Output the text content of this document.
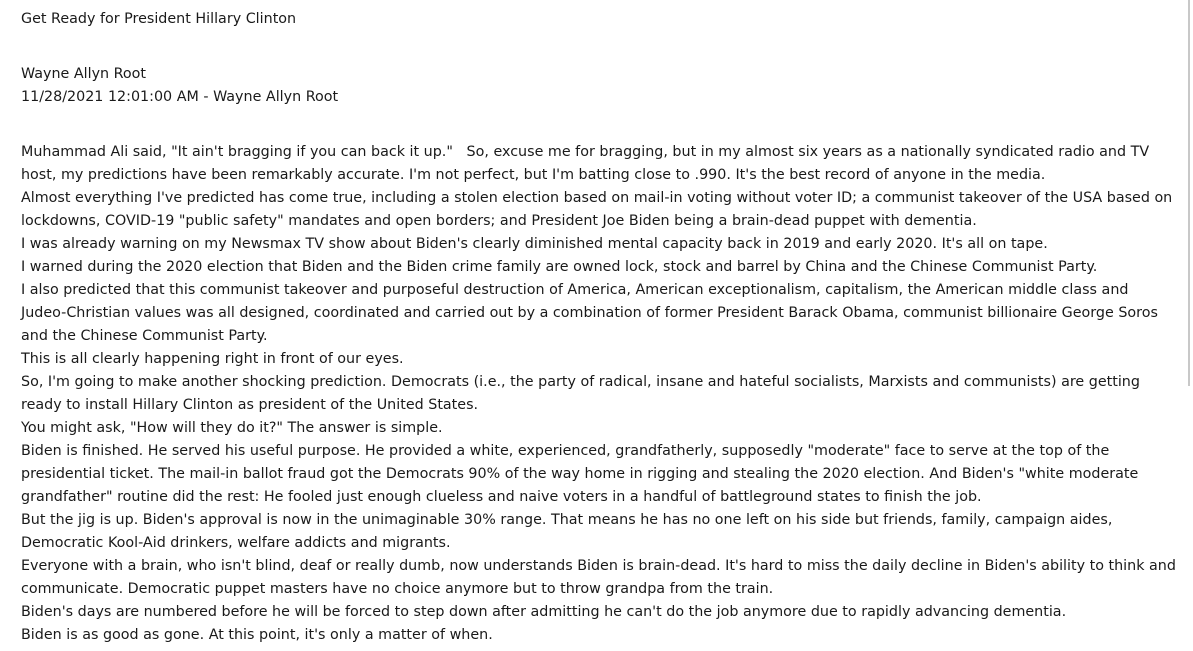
Get Ready for President Hillary Clinton

Wayne Allyn Root

11/28/2021 12:01:00 AM - Wayne Allyn Root

Muhammad Ali said, "It ain't bragging if you can back it up."   So, excuse me for bragging, but in my almost six years as a nationally syndicated radio and TV host, my predictions have been remarkably accurate. I'm not perfect, but I'm batting close to .990. It's the best record of anyone in the media.

Almost everything I've predicted has come true, including a stolen election based on mail-in voting without voter ID; a communist takeover of the USA based on lockdowns, COVID-19 "public safety" mandates and open borders; and President Joe Biden being a brain-dead puppet with dementia.

I was already warning on my Newsmax TV show about Biden's clearly diminished mental capacity back in 2019 and early 2020. It's all on tape.

I warned during the 2020 election that Biden and the Biden crime family are owned lock, stock and barrel by China and the Chinese Communist Party.

I also predicted that this communist takeover and purposeful destruction of America, American exceptionalism, capitalism, the American middle class and Judeo-Christian values was all designed, coordinated and carried out by a combination of former President Barack Obama, communist billionaire George Soros and the Chinese Communist Party.

This is all clearly happening right in front of our eyes.

So, I'm going to make another shocking prediction. Democrats (i.e., the party of radical, insane and hateful socialists, Marxists and communists) are getting ready to install Hillary Clinton as president of the United States.

You might ask, "How will they do it?" The answer is simple.

Biden is finished. He served his useful purpose. He provided a white, experienced, grandfatherly, supposedly "moderate" face to serve at the top of the presidential ticket. The mail-in ballot fraud got the Democrats 90% of the way home in rigging and stealing the 2020 election. And Biden's "white moderate grandfather" routine did the rest: He fooled just enough clueless and naive voters in a handful of battleground states to finish the job.

But the jig is up. Biden's approval is now in the unimaginable 30% range. That means he has no one left on his side but friends, family, campaign aides, Democratic Kool-Aid drinkers, welfare addicts and migrants.

Everyone with a brain, who isn't blind, deaf or really dumb, now understands Biden is brain-dead. It's hard to miss the daily decline in Biden's ability to think and communicate. Democratic puppet masters have no choice anymore but to throw grandpa from the train.

Biden's days are numbered before he will be forced to step down after admitting he can't do the job anymore due to rapidly advancing dementia.

Biden is as good as gone. At this point, it's only a matter of when.
